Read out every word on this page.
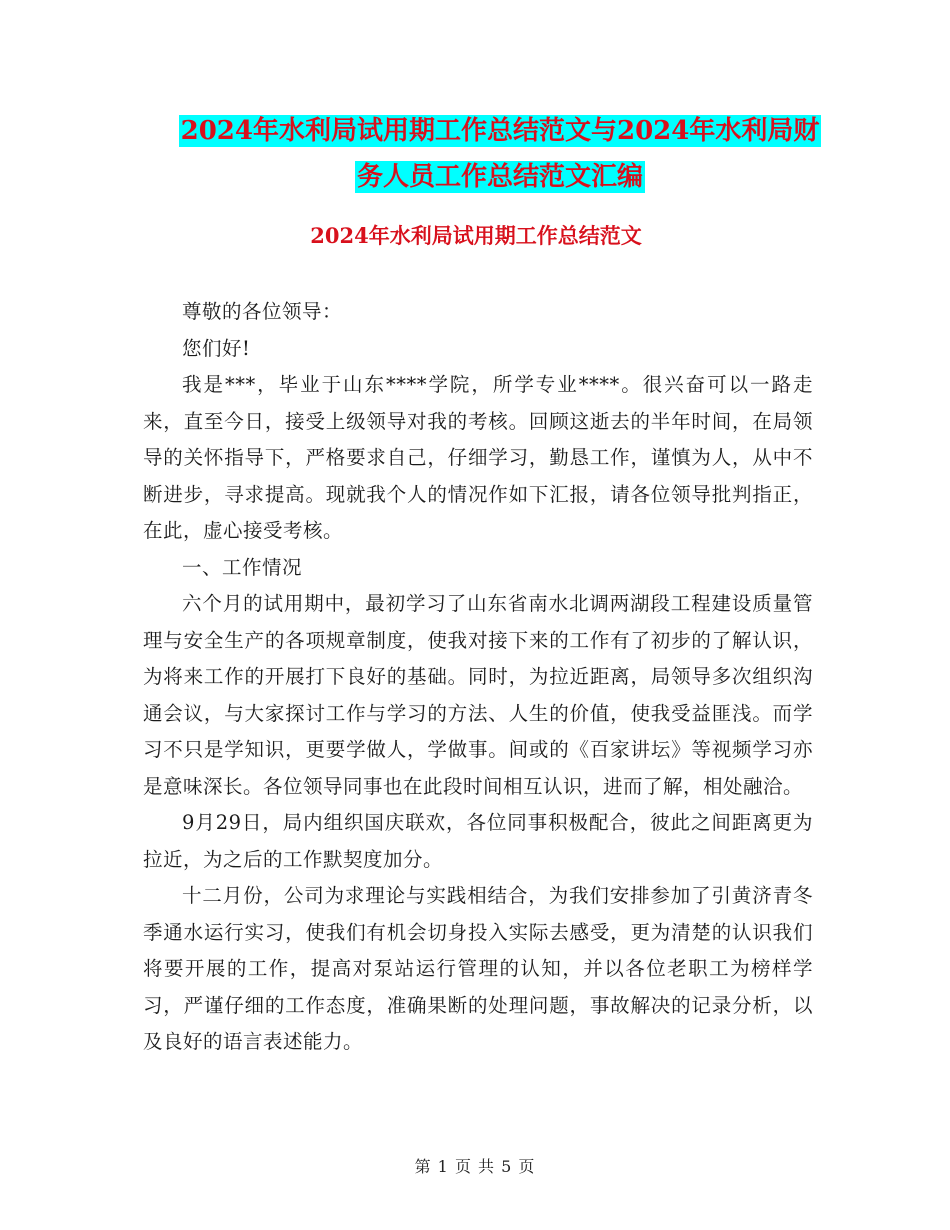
2024年水利局试用期工作总结范文与2024年水利局财
务人员工作总结范文汇编
2024年水利局试用期工作总结范文

尊敬的各位领导：

您们好!

我是***，毕业于山东****学院，所学专业****。很兴奋可以一路走来，直至今日，接受上级领导对我的考核。回顾这逝去的半年时间，在局领导的关怀指导下，严格要求自己，仔细学习，勤恳工作，谨慎为人，从中不断进步，寻求提高。现就我个人的情况作如下汇报，请各位领导批判指正，在此，虚心接受考核。

一、工作情况

六个月的试用期中，最初学习了山东省南水北调两湖段工程建设质量管理与安全生产的各项规章制度，使我对接下来的工作有了初步的了解认识，为将来工作的开展打下良好的基础。同时，为拉近距离，局领导多次组织沟通会议，与大家探讨工作与学习的方法、人生的价值，使我受益匪浅。而学习不只是学知识，更要学做人，学做事。间或的《百家讲坛》等视频学习亦是意味深长。各位领导同事也在此段时间相互认识，进而了解，相处融洽。

9月29日，局内组织国庆联欢，各位同事积极配合，彼此之间距离更为拉近，为之后的工作默契度加分。

十二月份，公司为求理论与实践相结合，为我们安排参加了引黄济青冬季通水运行实习，使我们有机会切身投入实际去感受，更为清楚的认识我们将要开展的工作，提高对泵站运行管理的认知，并以各位老职工为榜样学习，严谨仔细的工作态度，准确果断的处理问题，事故解决的记录分析，以及良好的语言表述能力。

第 1 页 共 5 页
